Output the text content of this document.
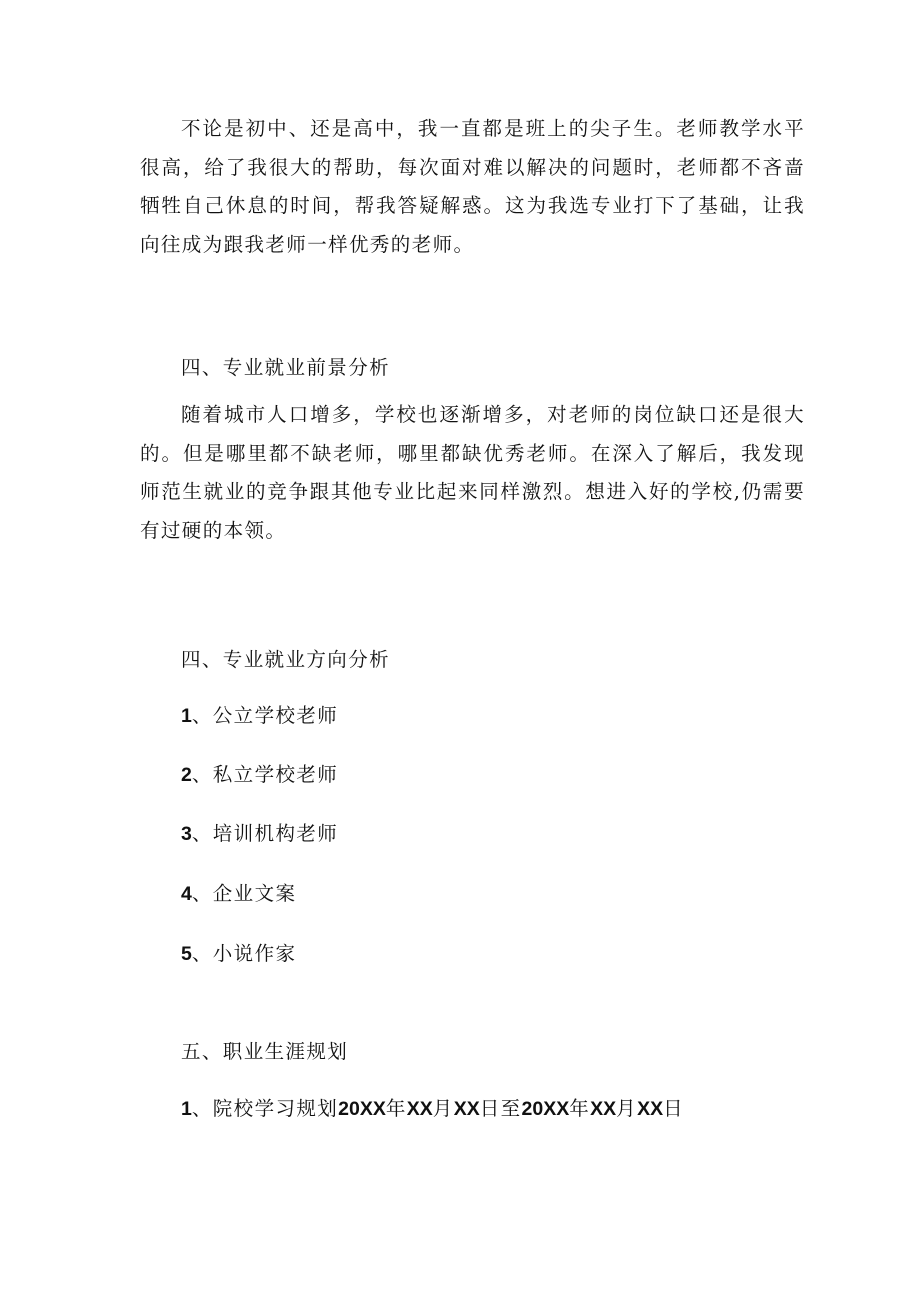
不论是初中、还是高中，我一直都是班上的尖子生。老师教学水平很高，给了我很大的帮助，每次面对难以解决的问题时，老师都不吝啬牺牲自己休息的时间，帮我答疑解惑。这为我选专业打下了基础，让我向往成为跟我老师一样优秀的老师。

四、专业就业前景分析

随着城市人口增多，学校也逐渐增多，对老师的岗位缺口还是很大的。但是哪里都不缺老师，哪里都缺优秀老师。在深入了解后，我发现师范生就业的竞争跟其他专业比起来同样激烈。想进入好的学校,仍需要有过硬的本领。

四、专业就业方向分析

1、公立学校老师

2、私立学校老师

3、培训机构老师

4、企业文案

5、小说作家

五、职业生涯规划

1、院校学习规划20XX年XX月XX日至20XX年XX月XX日
